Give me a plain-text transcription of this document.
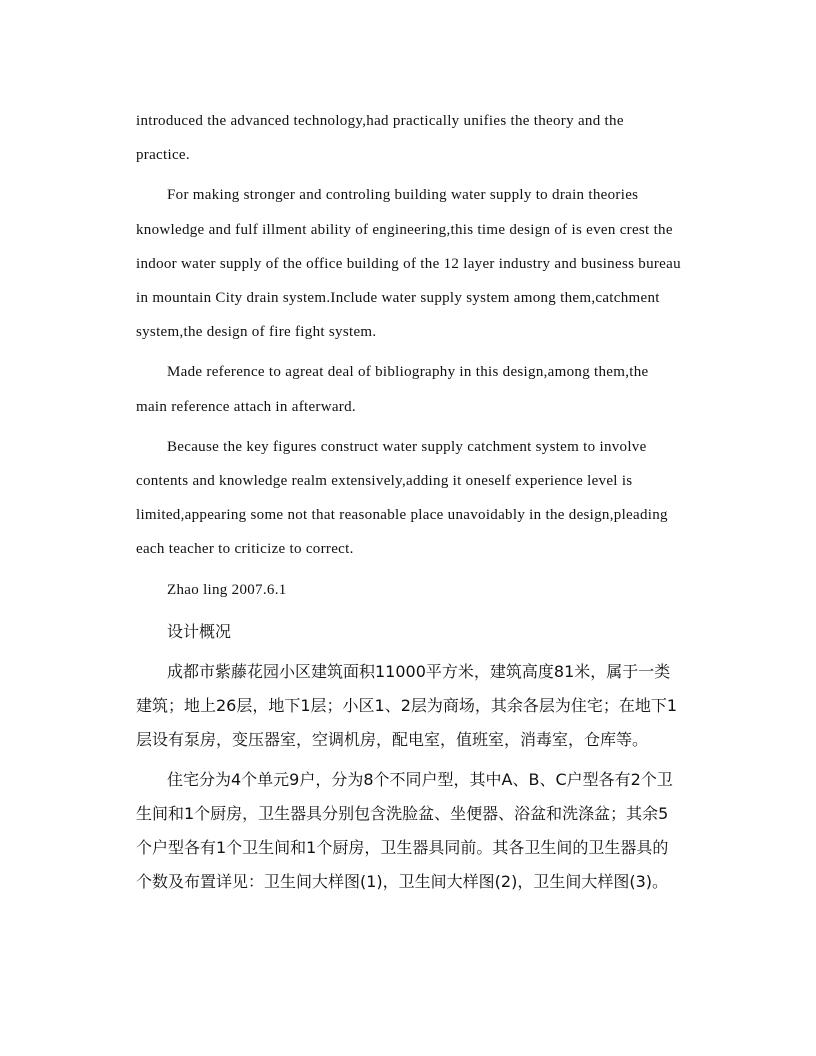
introduced the advanced technology,had practically unifies the theory and the practice.

For making stronger and controling building water supply to drain theories knowledge and fulf illment ability of engineering,this time design of is even crest the indoor water supply of the office building of the 12 layer industry and business bureau in mountain City drain system.Include water supply system among them,catchment system,the design of fire fight system.

Made reference to agreat deal of bibliography in this design,among them,the main reference attach in afterward.

Because the key figures construct water supply catchment system to involve contents and knowledge realm extensively,adding it oneself experience level is limited,appearing some not that reasonable place unavoidably in the design,pleading each teacher to criticize to correct.

Zhao ling 2007.6.1

设计概况

成都市紫藤花园小区建筑面积11000平方米，建筑高度81米，属于一类建筑；地上26层，地下1层；小区1、2层为商场，其余各层为住宅；在地下1层设有泵房，变压器室，空调机房，配电室，值班室，消毒室，仓库等。

住宅分为4个单元9户，分为8个不同户型，其中A、B、C户型各有2个卫生间和1个厨房，卫生器具分别包含洗脸盆、坐便器、浴盆和洗涤盆；其余5个户型各有1个卫生间和1个厨房，卫生器具同前。其各卫生间的卫生器具的个数及布置详见：卫生间大样图(1)，卫生间大样图(2)，卫生间大样图(3)。
